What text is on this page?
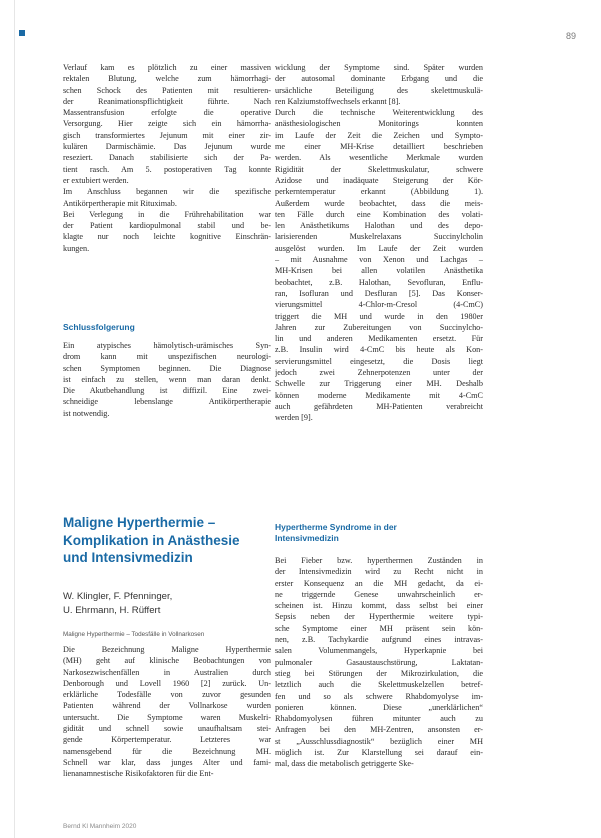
89
Verlauf kam es plötzlich zu einer massiven
rektalen Blutung, welche zum hämorrhagi-
schen Schock des Patienten mit resultieren-
der Reanimationspflichtigkeit führte. Nach
Massentransfusion erfolgte die operative
Versorgung. Hier zeigte sich ein hämorrha-
gisch transformiertes Jejunum mit einer zir-
kulären Darmischämie. Das Jejunum wurde
reseziert. Danach stabilisierte sich der Pa-
tient rasch. Am 5. postoperativen Tag konnte
er extubiert werden.
Im Anschluss begannen wir die spezifische
Antikörpertherapie mit Rituximab.
Bei Verlegung in die Frührehabilitation war
der Patient kardiopulmonal stabil und be-
klagte nur noch leichte kognitive Einschrän-
kungen.
Schlussfolgerung
Ein atypisches hämolytisch-urämisches Syn-
drom kann mit unspezifischen neurologi-
schen Symptomen beginnen. Die Diagnose
ist einfach zu stellen, wenn man daran denkt.
Die Akutbehandlung ist diffizil. Eine zwei-
schneidige lebenslange Antikörpertherapie
ist notwendig.
Maligne Hyperthermie –
Komplikation in Anästhesie
und Intensivmedizin
W. Klingler, F. Pfenninger,
U. Ehrmann, H. Rüffert
Maligne Hyperthermie – Todesfälle in Vollnarkosen
Die Bezeichnung Maligne Hyperthermie
(MH) geht auf klinische Beobachtungen von
Narkosezwischenfällen in Australien durch
Denborough und Lovell 1960 [2] zurück. Un-
erklärliche Todesfälle von zuvor gesunden
Patienten während der Vollnarkose wurden
untersucht. Die Symptome waren Muskelri-
gidität und schnell sowie unaufhaltsam stei-
gende Körpertemperatur. Letzteres war
namensgebend für die Bezeichnung MH.
Schnell war klar, dass junges Alter und fami-
lienanamnestische Risikofaktoren für die Ent-
wicklung der Symptome sind. Später wurden
der autosomal dominante Erbgang und die
ursächliche Beteiligung des skelettmuskulä-
ren Kalziumstoffwechsels erkannt [8].
Durch die technische Weiterentwicklung des
anästhesiologischen Monitorings konnten
im Laufe der Zeit die Zeichen und Sympto-
me einer MH-Krise detailliert beschrieben
werden. Als wesentliche Merkmale wurden
Rigidität der Skelettmuskulatur, schwere
Azidose und inadäquate Steigerung der Kör-
perkerntemperatur erkannt (Abbildung 1).
Außerdem wurde beobachtet, dass die meis-
ten Fälle durch eine Kombination des volati-
len Anästhetikums Halothan und des depo-
larisierenden Muskelrelaxans Succinylcholin
ausgelöst wurden. Im Laufe der Zeit wurden
– mit Ausnahme von Xenon und Lachgas –
MH-Krisen bei allen volatilen Anästhetika
beobachtet, z.B. Halothan, Sevofluran, Enflu-
ran, Isofluran und Desfluran [5]. Das Konser-
vierungsmittel 4-Chlor-m-Cresol (4-CmC)
triggert die MH und wurde in den 1980er
Jahren zur Zubereitungen von Succinylcho-
lin und anderen Medikamenten ersetzt. Für
z.B. Insulin wird 4-CmC bis heute als Kon-
servierungsmittel eingesetzt, die Dosis liegt
jedoch zwei Zehnerpotenzen unter der
Schwelle zur Triggerung einer MH. Deshalb
können moderne Medikamente mit 4-CmC
auch gefährdeten MH-Patienten verabreicht
werden [9].
Hypertherme Syndrome in der
Intensivmedizin
Bei Fieber bzw. hyperthermen Zuständen in
der Intensivmedizin wird zu Recht nicht in
erster Konsequenz an die MH gedacht, da ei-
ne triggernde Genese unwahrscheinlich er-
scheinen ist. Hinzu kommt, dass selbst bei einer
Sepsis neben der Hyperthermie weitere typi-
sche Symptome einer MH präsent sein kön-
nen, z.B. Tachykardie aufgrund eines intravas-
salen Volumenmangels, Hyperkapnie bei
pulmonaler Gasaustauschstörung, Laktatan-
stieg bei Störungen der Mikrozirkulation, die
letztlich auch die Skelettmuskelzellen betref-
fen und so als schwere Rhabdomyolyse im-
ponieren können. Diese „unerklärlichen“
Rhabdomyolysen führen mitunter auch zu
Anfragen bei den MH-Zentren, ansonsten er-
st „Ausschlussdiagnostik“ bezüglich einer MH
möglich ist. Zur Klarstellung sei darauf ein-
mal, dass die metabolisch getriggerte Ske-
Bernd Kl Mannheim 2020
